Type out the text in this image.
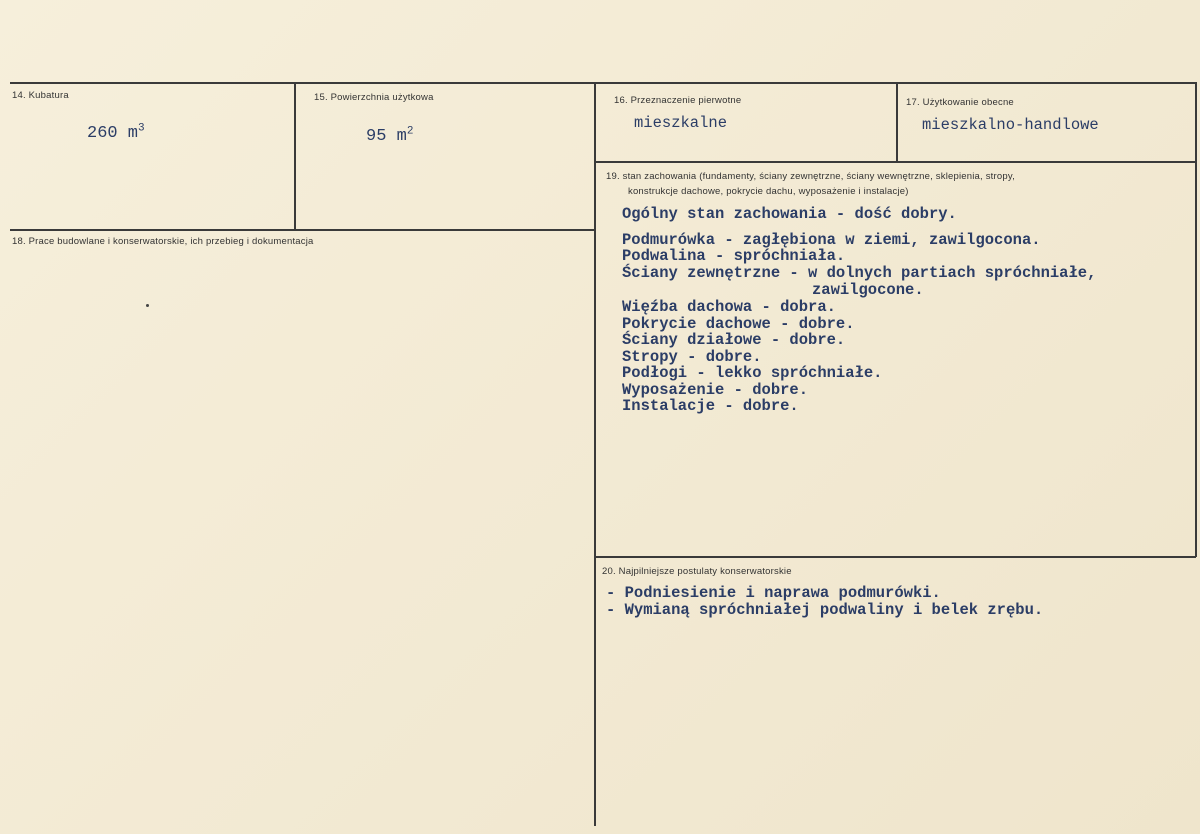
14. Kubatura
260 $m^3$
15. Powierzchnia użytkowa
95 $m^2$
16. Przeznaczenie pierwotne
mieszkalne
17. Użytkowanie obecne
mieszkalno-handlowe
18. Prace budowlane i konserwatorskie, ich przebieg i dokumentacja
19. stan zachowania (fundamenty, ściany zewnętrzne, ściany wewnętrzne, sklepienia, stropy,
konstrukcje dachowe, pokrycie dachu, wyposażenie i instalacje)
Ogólny stan zachowania - dość dobry.
Podmurówka - zagłębiona w ziemi, zawilgocona.
Podwalina - spróchniała.
Ściany zewnętrzne - w dolnych partiach spróchniałe,
zawilgocone.
Więźba dachowa - dobra.
Pokrycie dachowe - dobre.
Ściany działowe - dobre.
Stropy - dobre.
Podłogi - lekko spróchniałe.
Wyposażenie - dobre.
Instalacje - dobre.
20. Najpilniejsze postulaty konserwatorskie
- Podniesienie i naprawa podmurówki.
- Wymianą spróchniałej podwaliny i belek zrębu.
